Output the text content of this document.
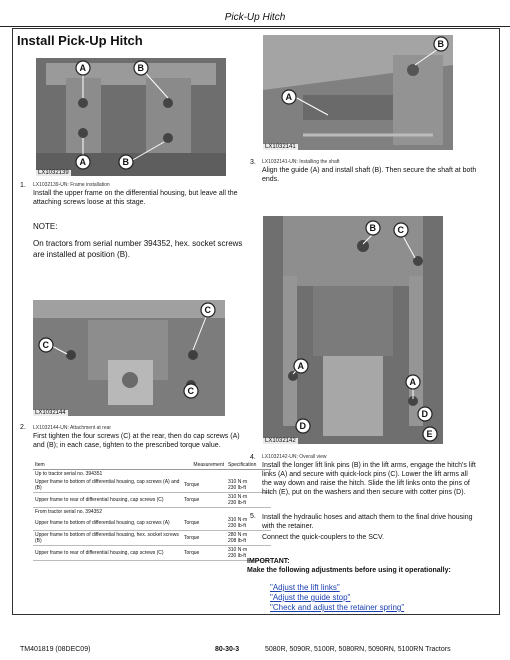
Pick-Up Hitch
Install Pick-Up Hitch
A	B
A	B
LX1032139
LX1032139-UN: Frame installation
1.
Install the upper frame on the differential housing, but leave all the attaching screws loose at this stage.
NOTE:
On tractors from serial number 394352, hex. socket screws are installed at position (B).
C
C
C
LX1032144
2. LX1032144-UN: Attachment at rear
First tighten the four screws (C) at the rear, then do cap screws (A) and (B); in each case, tighten to the prescribed torque value.
Item	Measurement	Specification
Up to tractor serial no. 394351		
Upper frame to bottom of differential housing, cap screws (A) and (B)	Torque	310 N·m
230 lb-ft
Upper frame to rear of differential housing, cap screws (C)	Torque	310 N·m
230 lb-ft
From tractor serial no. 394352		
Upper frame to bottom of differential housing, cap screws (A)	Torque	310 N·m
230 lb-ft
Upper frame to bottom of differential housing, hex. socket screws (B)	Torque	280 N·m
208 lb-ft
Upper frame to rear of differential housing, cap screws (C)	Torque	310 N·m
230 lb-ft
A
B
LX1032141
3. LX1032141-UN: Installing the shaft
Align the guide (A) and install shaft (B). Then secure the shaft at both ends.
B C
A
A
D
D
LX1032142
E
4. LX1032142-UN: Overall view
Install the longer lift link pins (B) in the lift arms, engage the hitch's lift links (A) and secure with quick-lock pins (C). Lower the lift arms all the way down and raise the hitch. Slide the lift links onto the pins of hitch (E), put on the washers and then secure with cotter pins (D).
5. Install the hydraulic hoses and attach them to the final drive housing with the retainer.
Connect the quick-couplers to the SCV.
IMPORTANT:
Make the following adjustments before using it operationally:
"Adjust the lift links"
"Adjust the guide stop"
"Check and adjust the retainer spring"
TM401819 (08DEC09)	80-30-3	5080R, 5090R, 5100R, 5080RN, 5090RN, 5100RN Tractors
